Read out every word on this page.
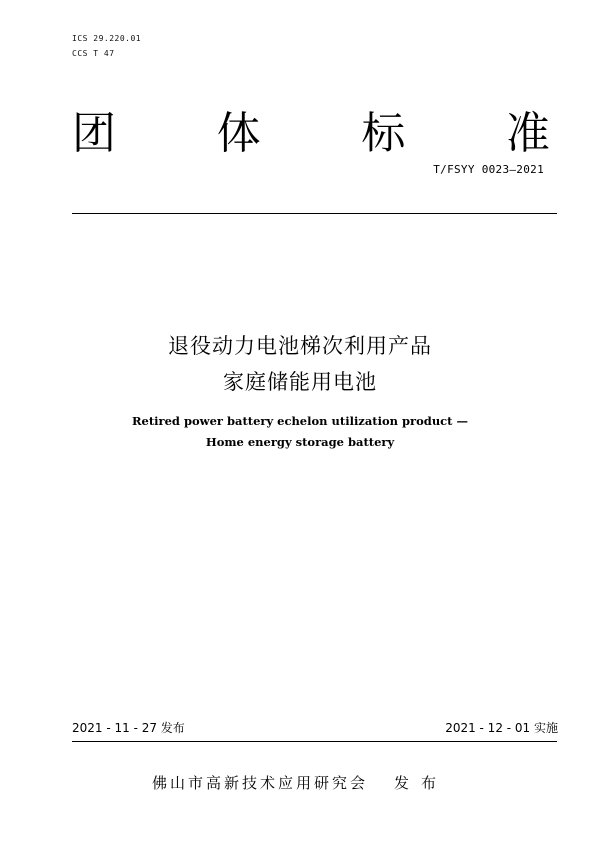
ICS 29.220.01
CCS T 47
团 体 标 准
T/FSYY 0023—2021
退役动力电池梯次利用产品
家庭储能用电池
Retired power battery echelon utilization product —
Home energy storage battery
2021 - 11 - 27 发布	2021 - 12 - 01 实施
佛山市高新技术应用研究会 发布
